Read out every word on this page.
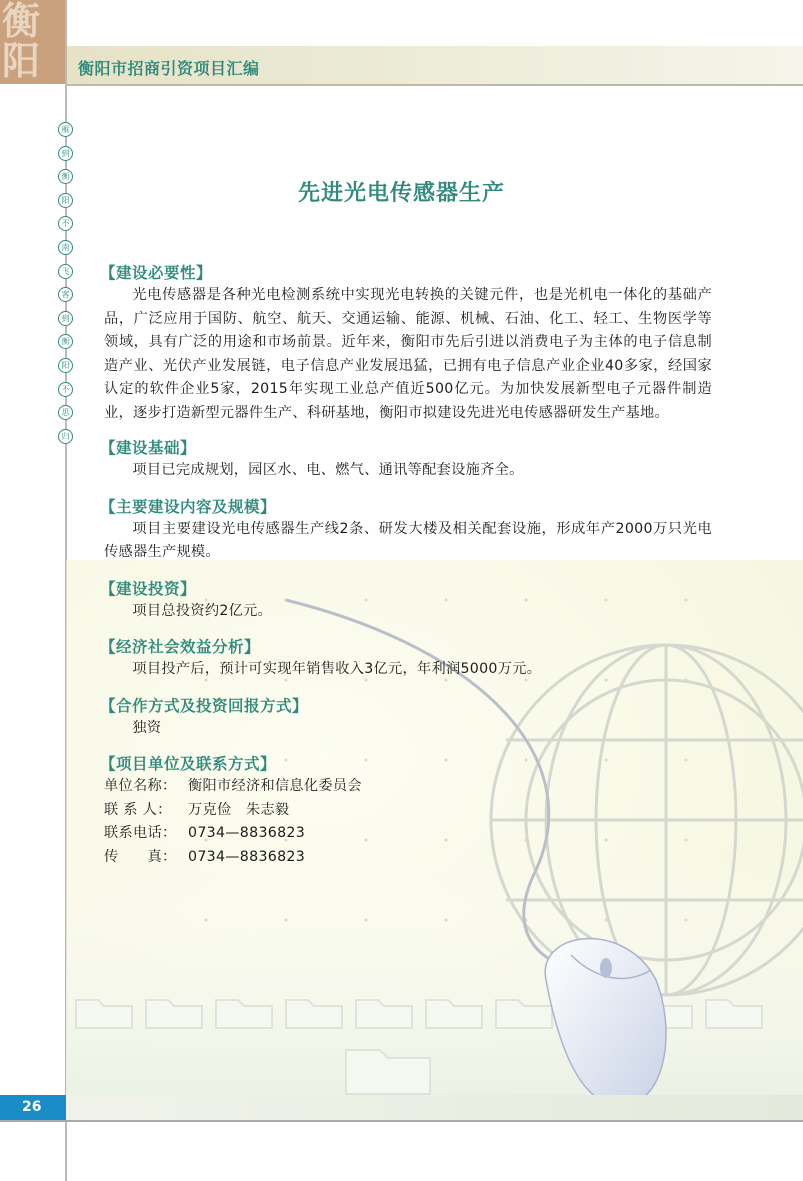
衡
阳 衡阳市招商引资项目汇编
雁
到
衡
阳
不
南
飞
客
到
衡
阳
不
思
归
先进光电传感器生产
【建设必要性】

光电传感器是各种光电检测系统中实现光电转换的关键元件，也是光机电一体化的基础产品，广泛应用于国防、航空、航天、交通运输、能源、机械、石油、化工、轻工、生物医学等领域，具有广泛的用途和市场前景。近年来，衡阳市先后引进以消费电子为主体的电子信息制造产业、光伏产业发展链，电子信息产业发展迅猛，已拥有电子信息产业企业40多家，经国家认定的软件企业5家，2015年实现工业总产值近500亿元。为加快发展新型电子元器件制造业，逐步打造新型元器件生产、科研基地，衡阳市拟建设先进光电传感器研发生产基地。

【建设基础】

项目已完成规划，园区水、电、燃气、通讯等配套设施齐全。

【主要建设内容及规模】

项目主要建设光电传感器生产线2条、研发大楼及相关配套设施，形成年产2000万只光电传感器生产规模。

【建设投资】

项目总投资约2亿元。

【经济社会效益分析】

项目投产后，预计可实现年销售收入3亿元，年利润5000万元。

【合作方式及投资回报方式】

独资

【项目单位及联系方式】
单位名称： 衡阳市经济和信息化委员会
联 系 人： 万克俭　朱志毅
联系电话： 0734—8836823
传　　真： 0734—8836823
26
